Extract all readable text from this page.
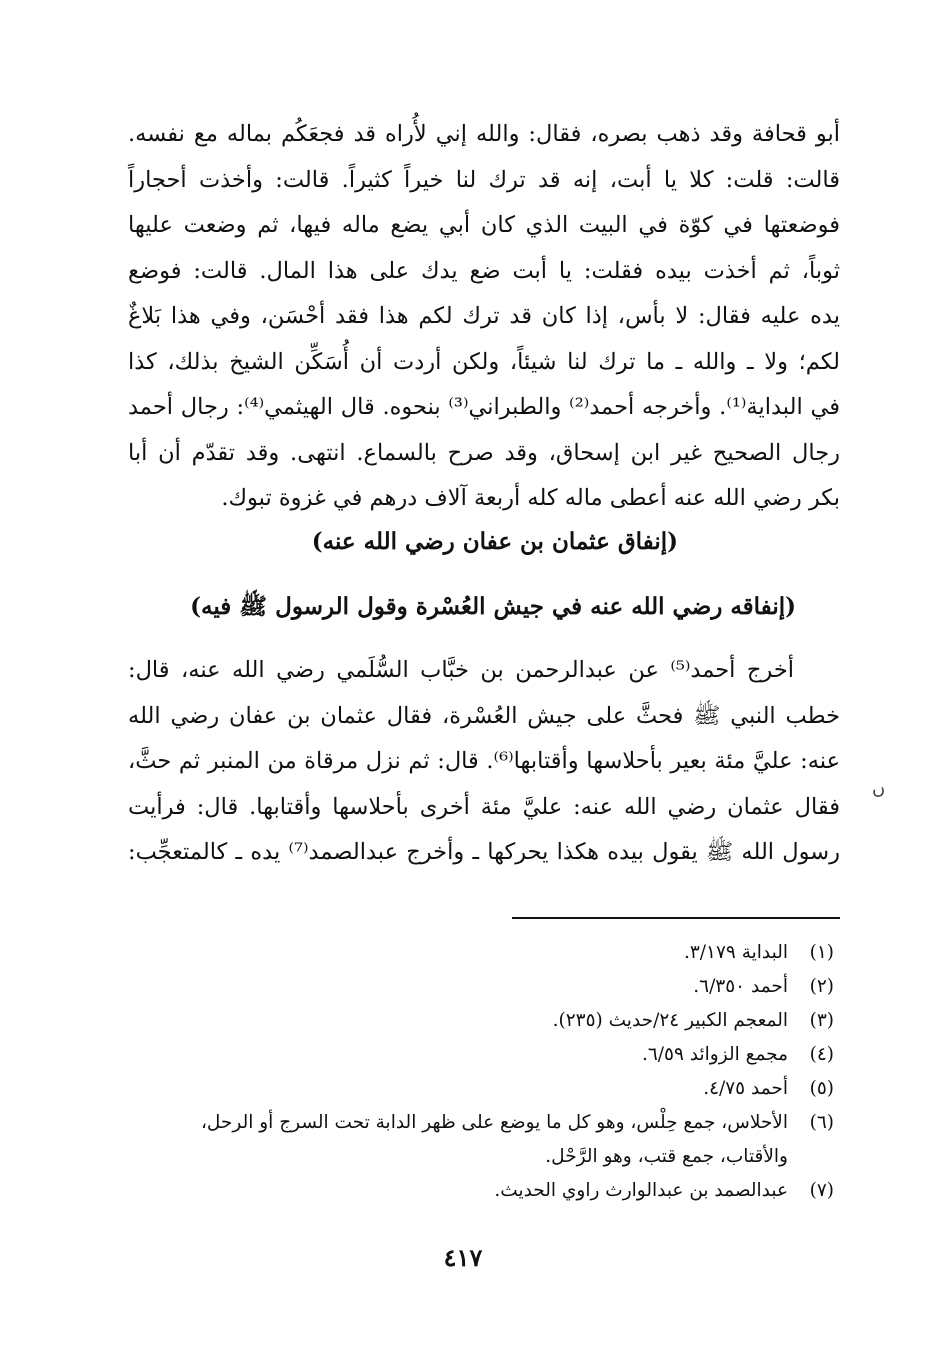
أبو قحافة وقد ذهب بصره، فقال: والله إني لأُراه قد فجعَكُم بماله مع نفسه.
قالت: قلت: كلا يا أبت، إنه قد ترك لنا خيراً كثيراً. قالت: وأخذت أحجاراً
فوضعتها في كوّة في البيت الذي كان أبي يضع ماله فيها، ثم وضعت عليها
ثوباً، ثم أخذت بيده فقلت: يا أبت ضع يدك على هذا المال. قالت: فوضع
يده عليه فقال: لا بأس، إذا كان قد ترك لكم هذا فقد أحْسَن، وفي هذا بَلاغٌ
لكم؛ ولا ـ والله ـ ما ترك لنا شيئاً، ولكن أردت أن أُسَكِّن الشيخ بذلك، كذا
في البداية⁽¹⁾. وأخرجه أحمد⁽²⁾ والطبراني⁽³⁾ بنحوه. قال الهيثمي⁽⁴⁾: رجال أحمد
رجال الصحيح غير ابن إسحاق، وقد صرح بالسماع. انتهى. وقد تقدّم أن أبا
بكر رضي الله عنه أعطى ماله كله أربعة آلاف درهم في غزوة تبوك.
(إنفاق عثمان بن عفان رضي الله عنه)
(إنفاقه رضي الله عنه في جيش العُسْرة وقول الرسول ﷺ فيه)
أخرج أحمد⁽⁵⁾ عن عبدالرحمن بن خبَّاب السُّلَمي رضي الله عنه، قال:
خطب النبي ﷺ فحثَّ على جيش العُسْرة، فقال عثمان بن عفان رضي الله
عنه: عليَّ مئة بعير بأحلاسها وأقتابها⁽⁶⁾. قال: ثم نزل مرقاة من المنبر ثم حثَّ،
فقال عثمان رضي الله عنه: عليَّ مئة أخرى بأحلاسها وأقتابها. قال: فرأيت
رسول الله ﷺ يقول بيده هكذا يحركها ـ وأخرج عبدالصمد⁽⁷⁾ يده ـ كالمتعجِّب:
ں
(١)
البداية ٣/١٧٩.
(٢)
أحمد ٦/٣٥٠.
(٣)
المعجم الكبير ٢٤/حديث (٢٣٥).
(٤)
مجمع الزوائد ٦/٥٩.
(٥)
أحمد ٤/٧٥.
(٦)
الأحلاس، جمع حِلْس، وهو كل ما يوضع على ظهر الدابة تحت السرج أو الرحل،
والأقتاب، جمع قتب، وهو الرَّحْل.
(٧)
عبدالصمد بن عبدالوارث راوي الحديث.
٤١٧
